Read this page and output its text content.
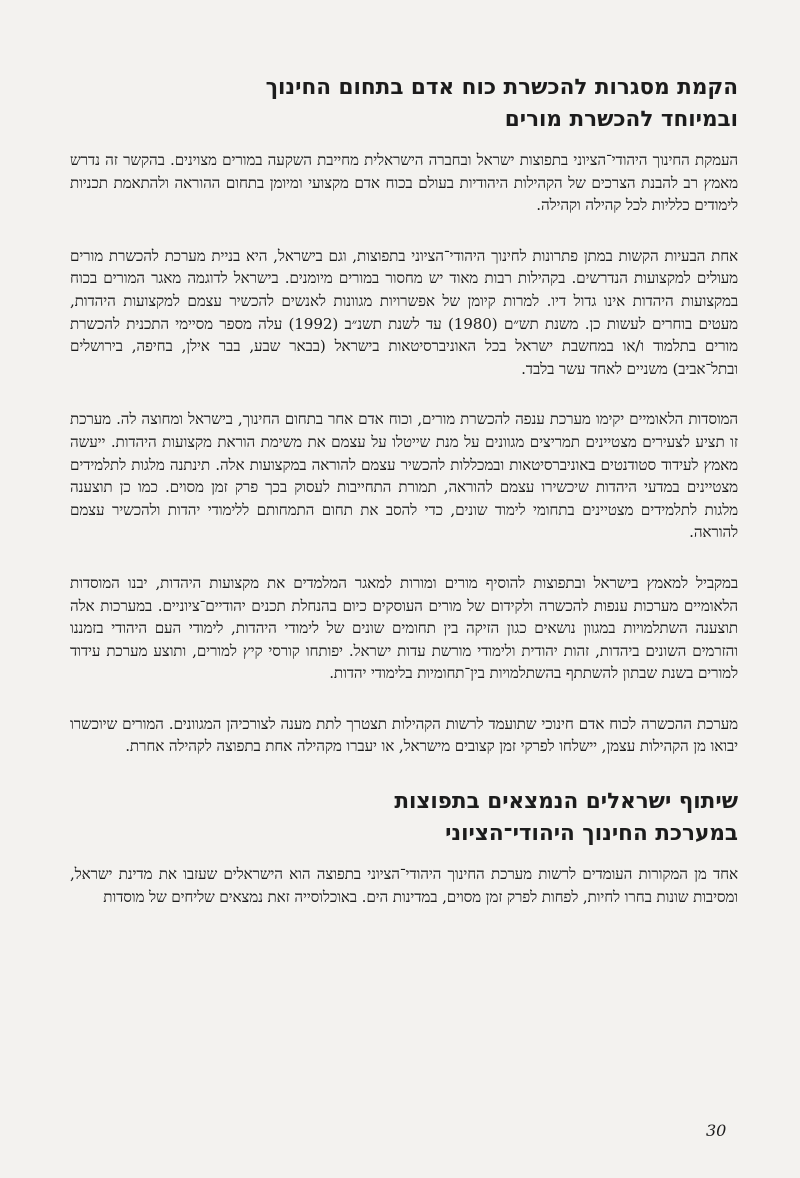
הקמת מסגרות להכשרת כוח אדם בתחום החינוך
ובמיוחד להכשרת מורים

העמקת החינוך היהודי־הציוני בתפוצות ישראל ובחברה הישראלית מחייבת השקעה במורים מצוינים. בהקשר זה נדרש מאמץ רב להבנת הצרכים של הקהילות היהודיות בעולם בכוח אדם מקצועי ומיומן בתחום ההוראה ולהתאמת תכניות לימודים כלליות לכל קהילה וקהילה.

אחת הבעיות הקשות במתן פתרונות לחינוך היהודי־הציוני בתפוצות, וגם בישראל, היא בניית מערכת להכשרת מורים מעולים למקצועות הנדרשים. בקהילות רבות מאוד יש מחסור במורים מיומנים. בישראל לדוגמה מאגר המורים בכוח במקצועות היהדות אינו גדול דיו. למרות קיומן של אפשרויות מגוונות לאנשים להכשיר עצמם למקצועות היהדות, מעטים בוחרים לעשות כן. משנת תש״ם (1980) עד לשנת תשנ״ב (1992) עלה מספר מסיימי התכנית להכשרת מורים בתלמוד ו/או במחשבת ישראל בכל האוניברסיטאות בישראל (בבאר שבע, בבר אילן, בחיפה, בירושלים ובתל־אביב) משניים לאחד עשר בלבד.

המוסדות הלאומיים יקימו מערכת ענפה להכשרת מורים, וכוח אדם אחר בתחום החינוך, בישראל ומחוצה לה. מערכת זו תציע לצעירים מצטיינים תמריצים מגוונים על מנת שייטלו על עצמם את משימת הוראת מקצועות היהדות. ייעשה מאמץ לעידוד סטודנטים באוניברסיטאות ובמכללות להכשיר עצמם להוראה במקצועות אלה. תינתנה מלגות לתלמידים מצטיינים במדעי היהדות שיכשירו עצמם להוראה, תמורת התחייבות לעסוק בכך פרק זמן מסוים. כמו כן תוצענה מלגות לתלמידים מצטיינים בתחומי לימוד שונים, כדי להסב את תחום התמחותם ללימודי יהדות ולהכשיר עצמם להוראה.

במקביל למאמץ בישראל ובתפוצות להוסיף מורים ומורות למאגר המלמדים את מקצועות היהדות, יבנו המוסדות הלאומיים מערכות ענפות להכשרה ולקידום של מורים העוסקים כיום בהנחלת תכנים יהודיים־ציוניים. במערכות אלה תוצענה השתלמויות במגוון נושאים כגון הזיקה בין תחומים שונים של לימודי היהדות, לימודי העם היהודי בזמננו והזרמים השונים ביהדות, זהות יהודית ולימודי מורשת עדות ישראל. יפותחו קורסי קיץ למורים, ותוצע מערכת עידוד למורים בשנת שבתון להשתתף בהשתלמויות בין־תחומיות בלימודי יהדות.

מערכת ההכשרה לכוח אדם חינוכי שתועמד לרשות הקהילות תצטרך לתת מענה לצורכיהן המגוונים. המורים שיוכשרו יבואו מן הקהילות עצמן, יישלחו לפרקי זמן קצובים מישראל, או יעברו מקהילה אחת בתפוצה לקהילה אחרת.

שיתוף ישראלים הנמצאים בתפוצות
במערכת החינוך היהודי־הציוני

אחד מן המקורות העומדים לרשות מערכת החינוך היהודי־הציוני בתפוצה הוא הישראלים שעזבו את מדינת ישראל, ומסיבות שונות בחרו לחיות, לפחות לפרק זמן מסוים, במדינות הים. באוכלוסייה זאת נמצאים שליחים של מוסדות

30
